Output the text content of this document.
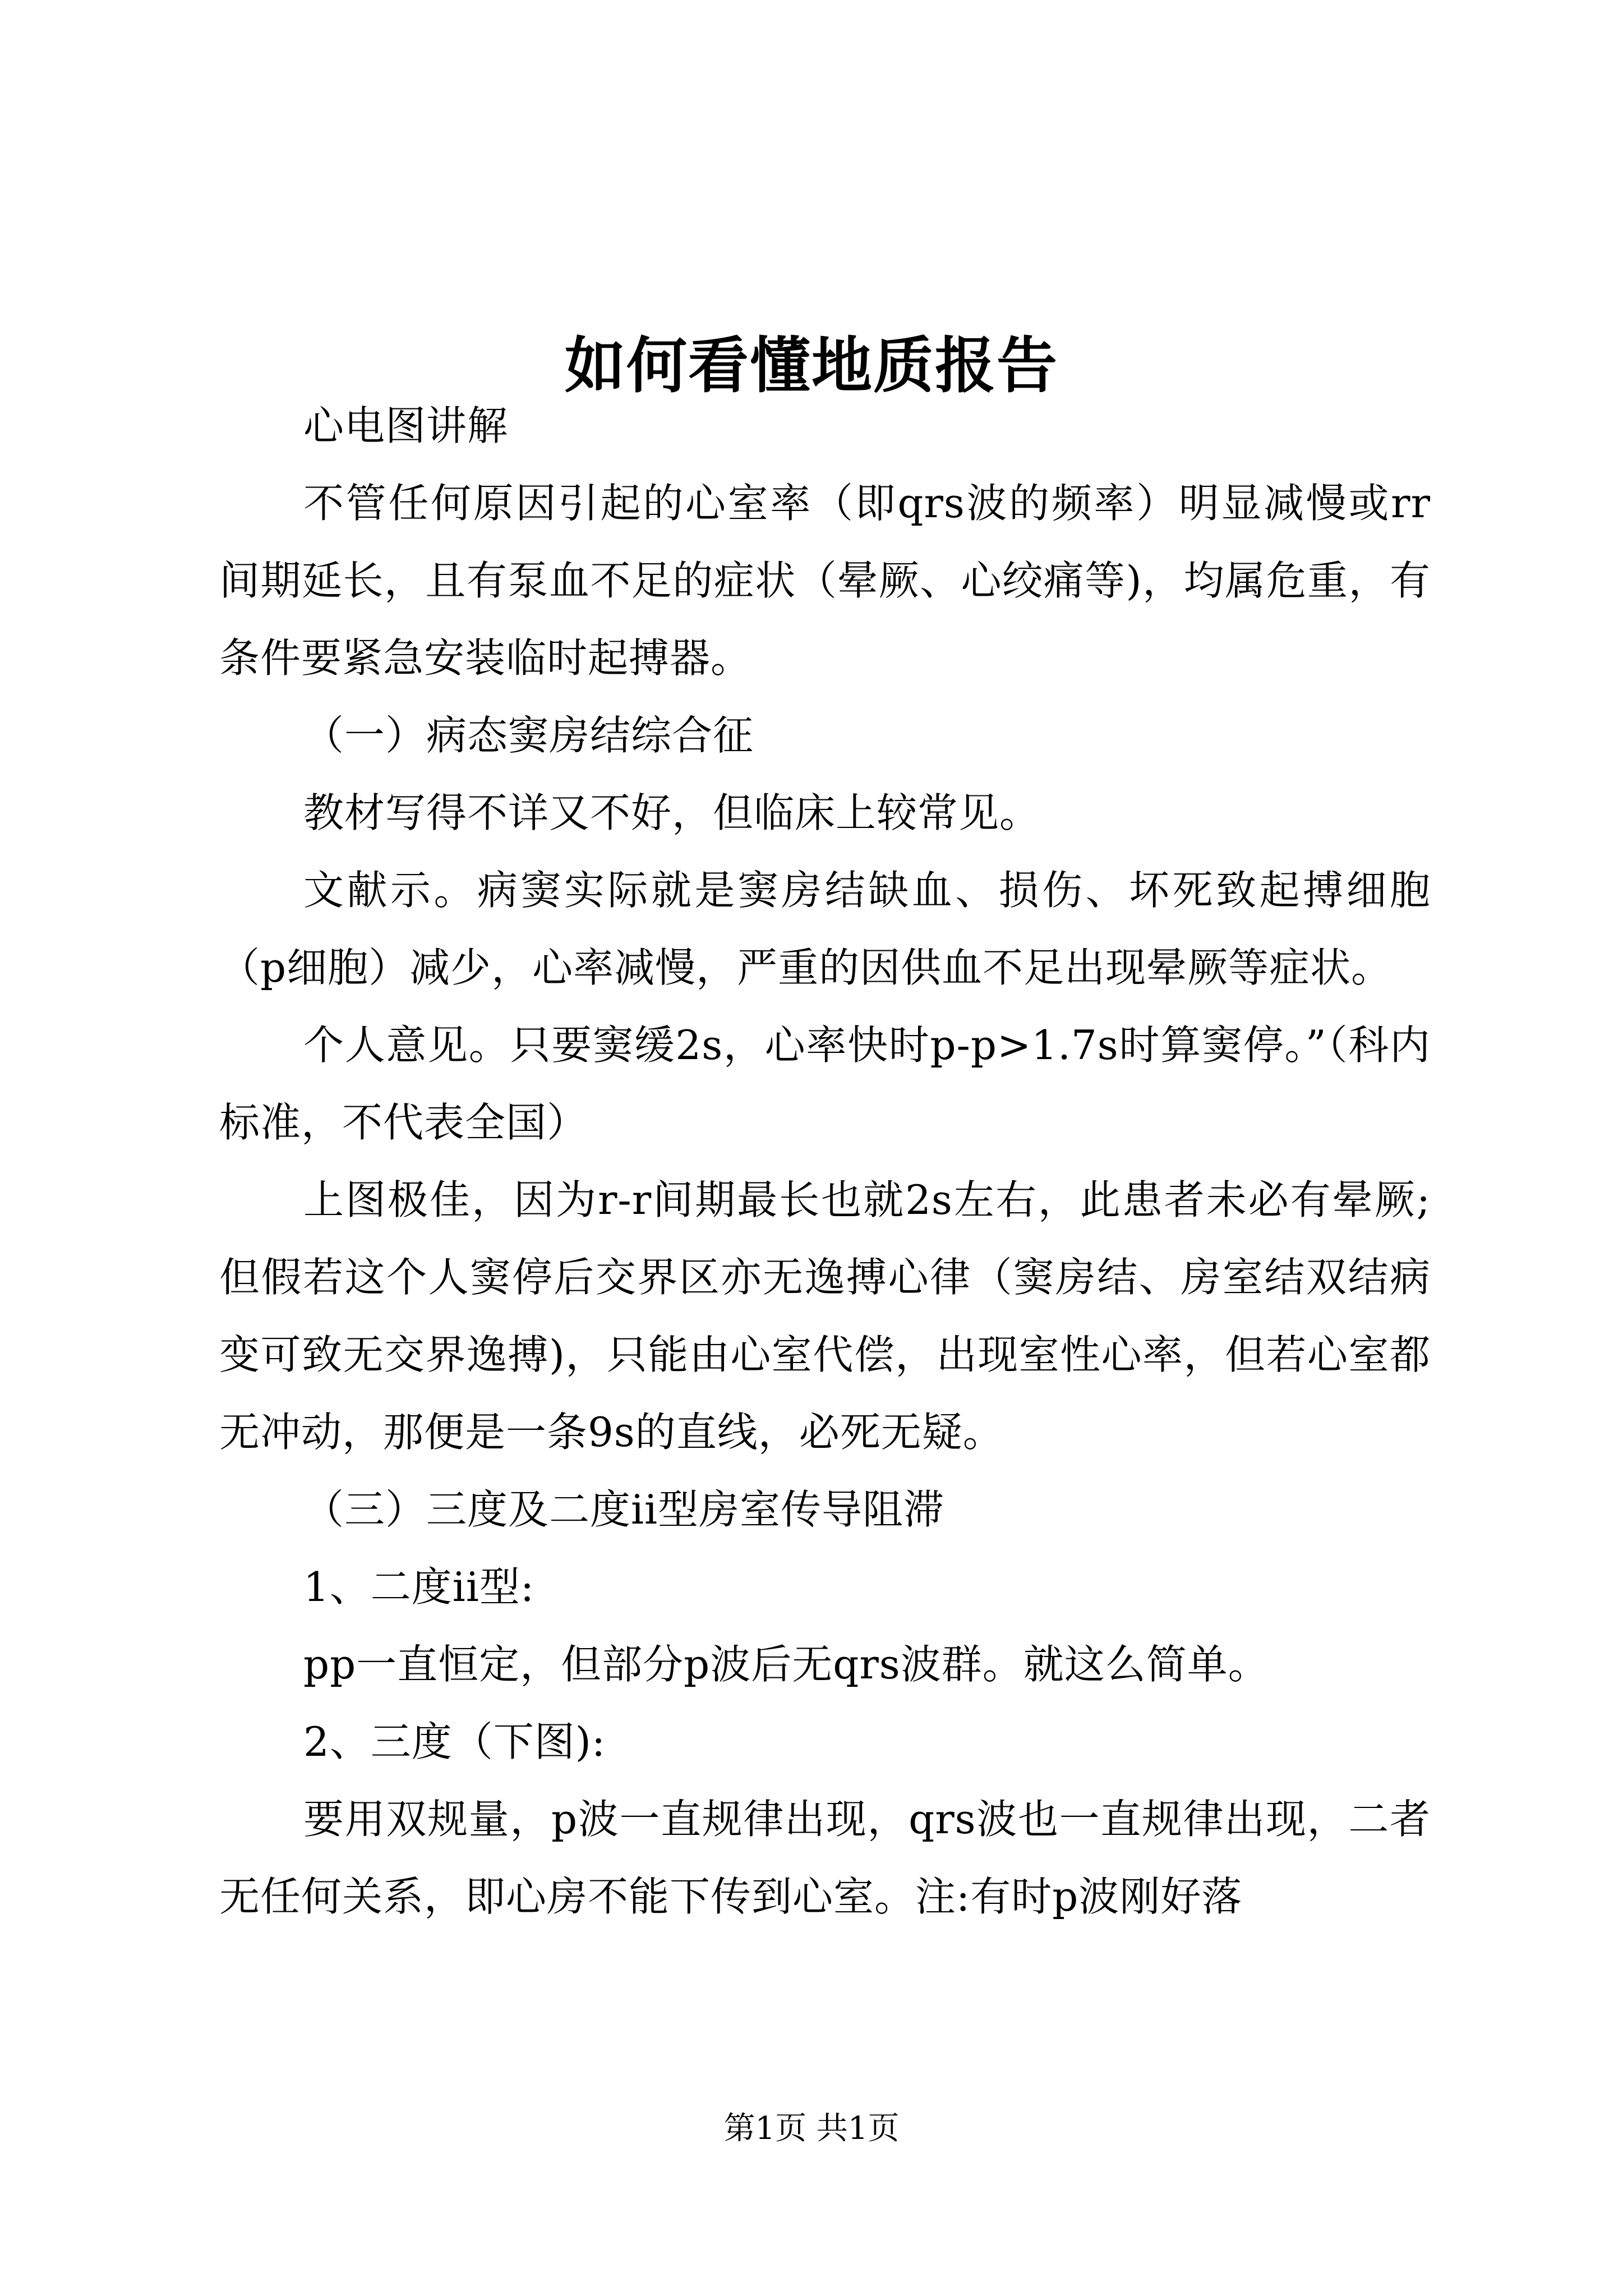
如何看懂地质报告

心电图讲解

不管任何原因引起的心室率（即qrs波的频率）明显减慢或rr间期延长，且有泵血不足的症状（晕厥、心绞痛等)，均属危重，有条件要紧急安装临时起搏器。

（一）病态窦房结综合征

教材写得不详又不好，但临床上较常见。

文献示。病窦实际就是窦房结缺血、损伤、坏死致起搏细胞（p细胞）减少，心率减慢，严重的因供血不足出现晕厥等症状。

个人意见。只要窦缓2s，心率快时p-p>1.7s时算窦停。”（科内标准，不代表全国）

上图极佳，因为r-r间期最长也就2s左右，此患者未必有晕厥;但假若这个人窦停后交界区亦无逸搏心律（窦房结、房室结双结病变可致无交界逸搏)，只能由心室代偿，出现室性心率，但若心室都无冲动，那便是一条9s的直线，必死无疑。

（三）三度及二度ii型房室传导阻滞

1、二度ii型:

pp一直恒定，但部分p波后无qrs波群。就这么简单。

2、三度（下图):

要用双规量，p波一直规律出现，qrs波也一直规律出现，二者无任何关系，即心房不能下传到心室。注:有时p波刚好落

第1页 共1页
